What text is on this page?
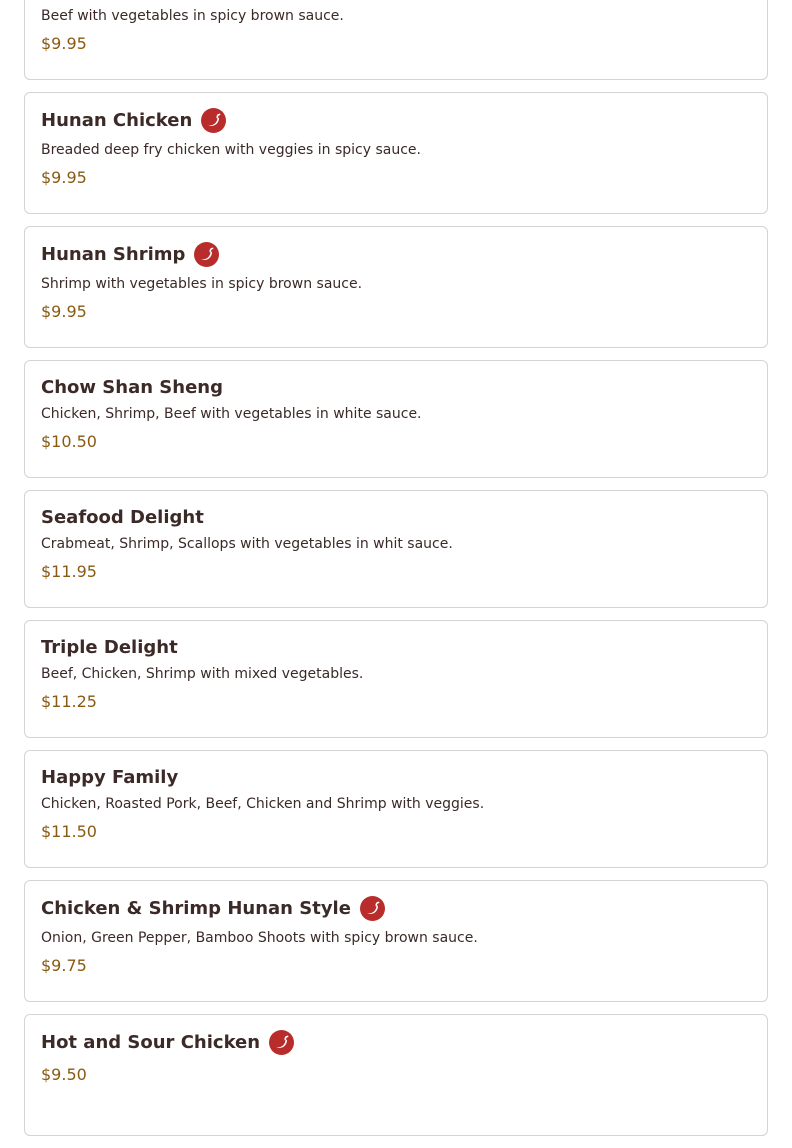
Beef with vegetables in spicy brown sauce.
$9.95
Hunan Chicken
Breaded deep fry chicken with veggies in spicy sauce.
$9.95
Hunan Shrimp
Shrimp with vegetables in spicy brown sauce.
$9.95
Chow Shan Sheng
Chicken, Shrimp, Beef with vegetables in white sauce.
$10.50
Seafood Delight
Crabmeat, Shrimp, Scallops with vegetables in whit sauce.
$11.95
Triple Delight
Beef, Chicken, Shrimp with mixed vegetables.
$11.25
Happy Family
Chicken, Roasted Pork, Beef, Chicken and Shrimp with veggies.
$11.50
Chicken & Shrimp Hunan Style
Onion, Green Pepper, Bamboo Shoots with spicy brown sauce.
$9.75
Hot and Sour Chicken
$9.50
